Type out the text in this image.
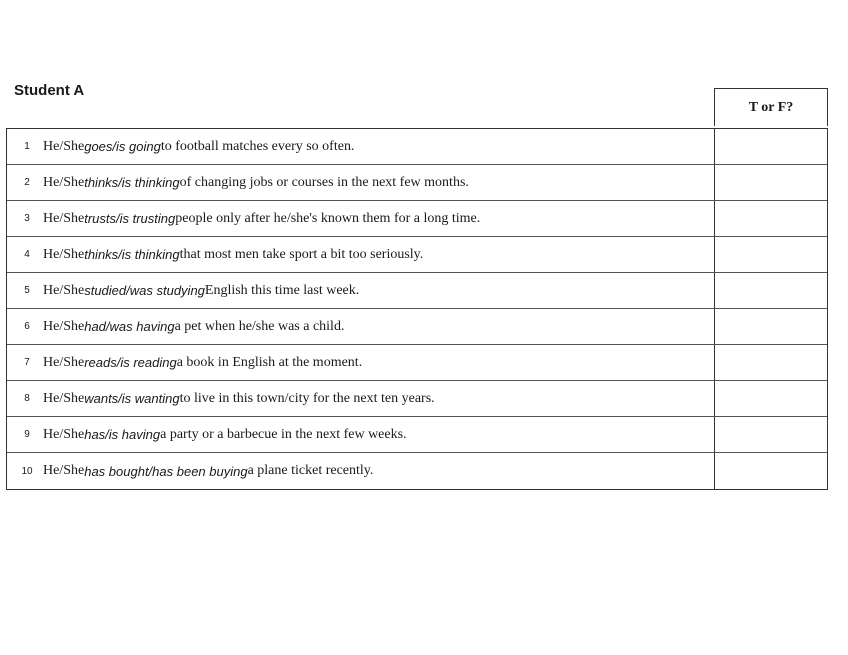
Student A
T or F?
1 He/She goes/is going to football matches every so often.
2 He/She thinks/is thinking of changing jobs or courses in the next few months.
3 He/She trusts/is trusting people only after he/she's known them for a long time.
4 He/She thinks/is thinking that most men take sport a bit too seriously.
5 He/She studied/was studying English this time last week.
6 He/She had/was having a pet when he/she was a child.
7 He/She reads/is reading a book in English at the moment.
8 He/She wants/is wanting to live in this town/city for the next ten years.
9 He/She has/is having a party or a barbecue in the next few weeks.
10 He/She has bought/has been buying a plane ticket recently.
